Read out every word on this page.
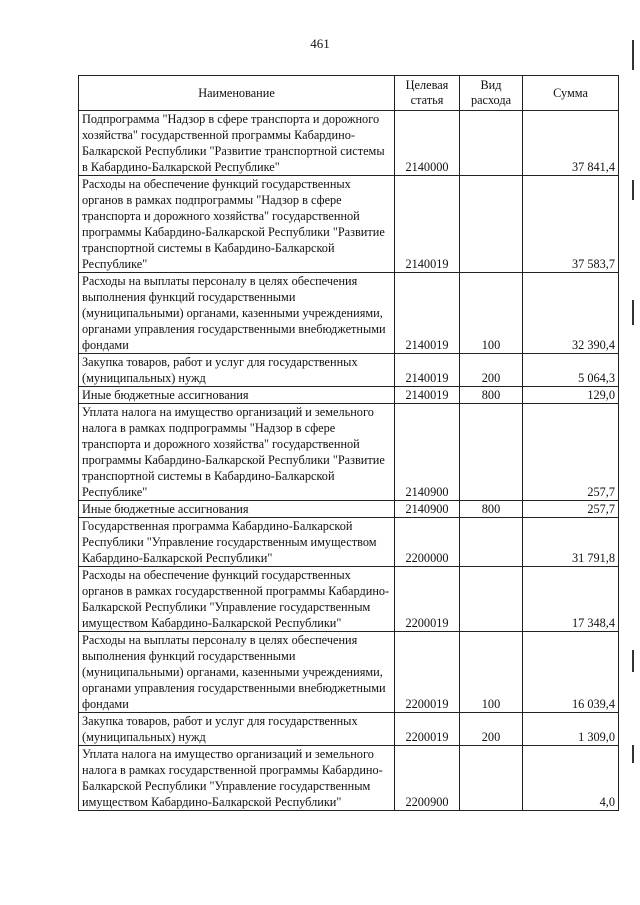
461
Наименование	Целевая статья	Вид расхода	Сумма
Подпрограмма "Надзор в сфере транспорта и дорожного хозяйства" государственной программы Кабардино-Балкарской Республики "Развитие транспортной системы в Кабардино-Балкарской Республике"	2140000		37 841,4
Расходы на обеспечение функций государственных органов в рамках подпрограммы "Надзор в сфере транспорта и дорожного хозяйства" государственной программы Кабардино-Балкарской Республики "Развитие транспортной системы в Кабардино-Балкарской Республике"	2140019		37 583,7
Расходы на выплаты персоналу в целях обеспечения выполнения функций государственными (муниципальными) органами, казенными учреждениями, органами управления государственными внебюджетными фондами	2140019	100	32 390,4
Закупка товаров, работ и услуг для государственных (муниципальных) нужд	2140019	200	5 064,3
Иные бюджетные ассигнования	2140019	800	129,0
Уплата налога на имущество организаций и земельного налога в рамках подпрограммы "Надзор в сфере транспорта и дорожного хозяйства" государственной программы Кабардино-Балкарской Республики "Развитие транспортной системы в Кабардино-Балкарской Республике"	2140900		257,7
Иные бюджетные ассигнования	2140900	800	257,7
Государственная программа Кабардино-Балкарской Республики "Управление государственным имуществом Кабардино-Балкарской Республики"	2200000		31 791,8
Расходы на обеспечение функций государственных органов в рамках государственной программы Кабардино-Балкарской Республики "Управление государственным имуществом Кабардино-Балкарской Республики"	2200019		17 348,4
Расходы на выплаты персоналу в целях обеспечения выполнения функций государственными (муниципальными) органами, казенными учреждениями, органами управления государственными внебюджетными фондами	2200019	100	16 039,4
Закупка товаров, работ и услуг для государственных (муниципальных) нужд	2200019	200	1 309,0
Уплата налога на имущество организаций и земельного налога в рамках государственной программы Кабардино-Балкарской Республики "Управление государственным имуществом Кабардино-Балкарской Республики"	2200900		4,0
